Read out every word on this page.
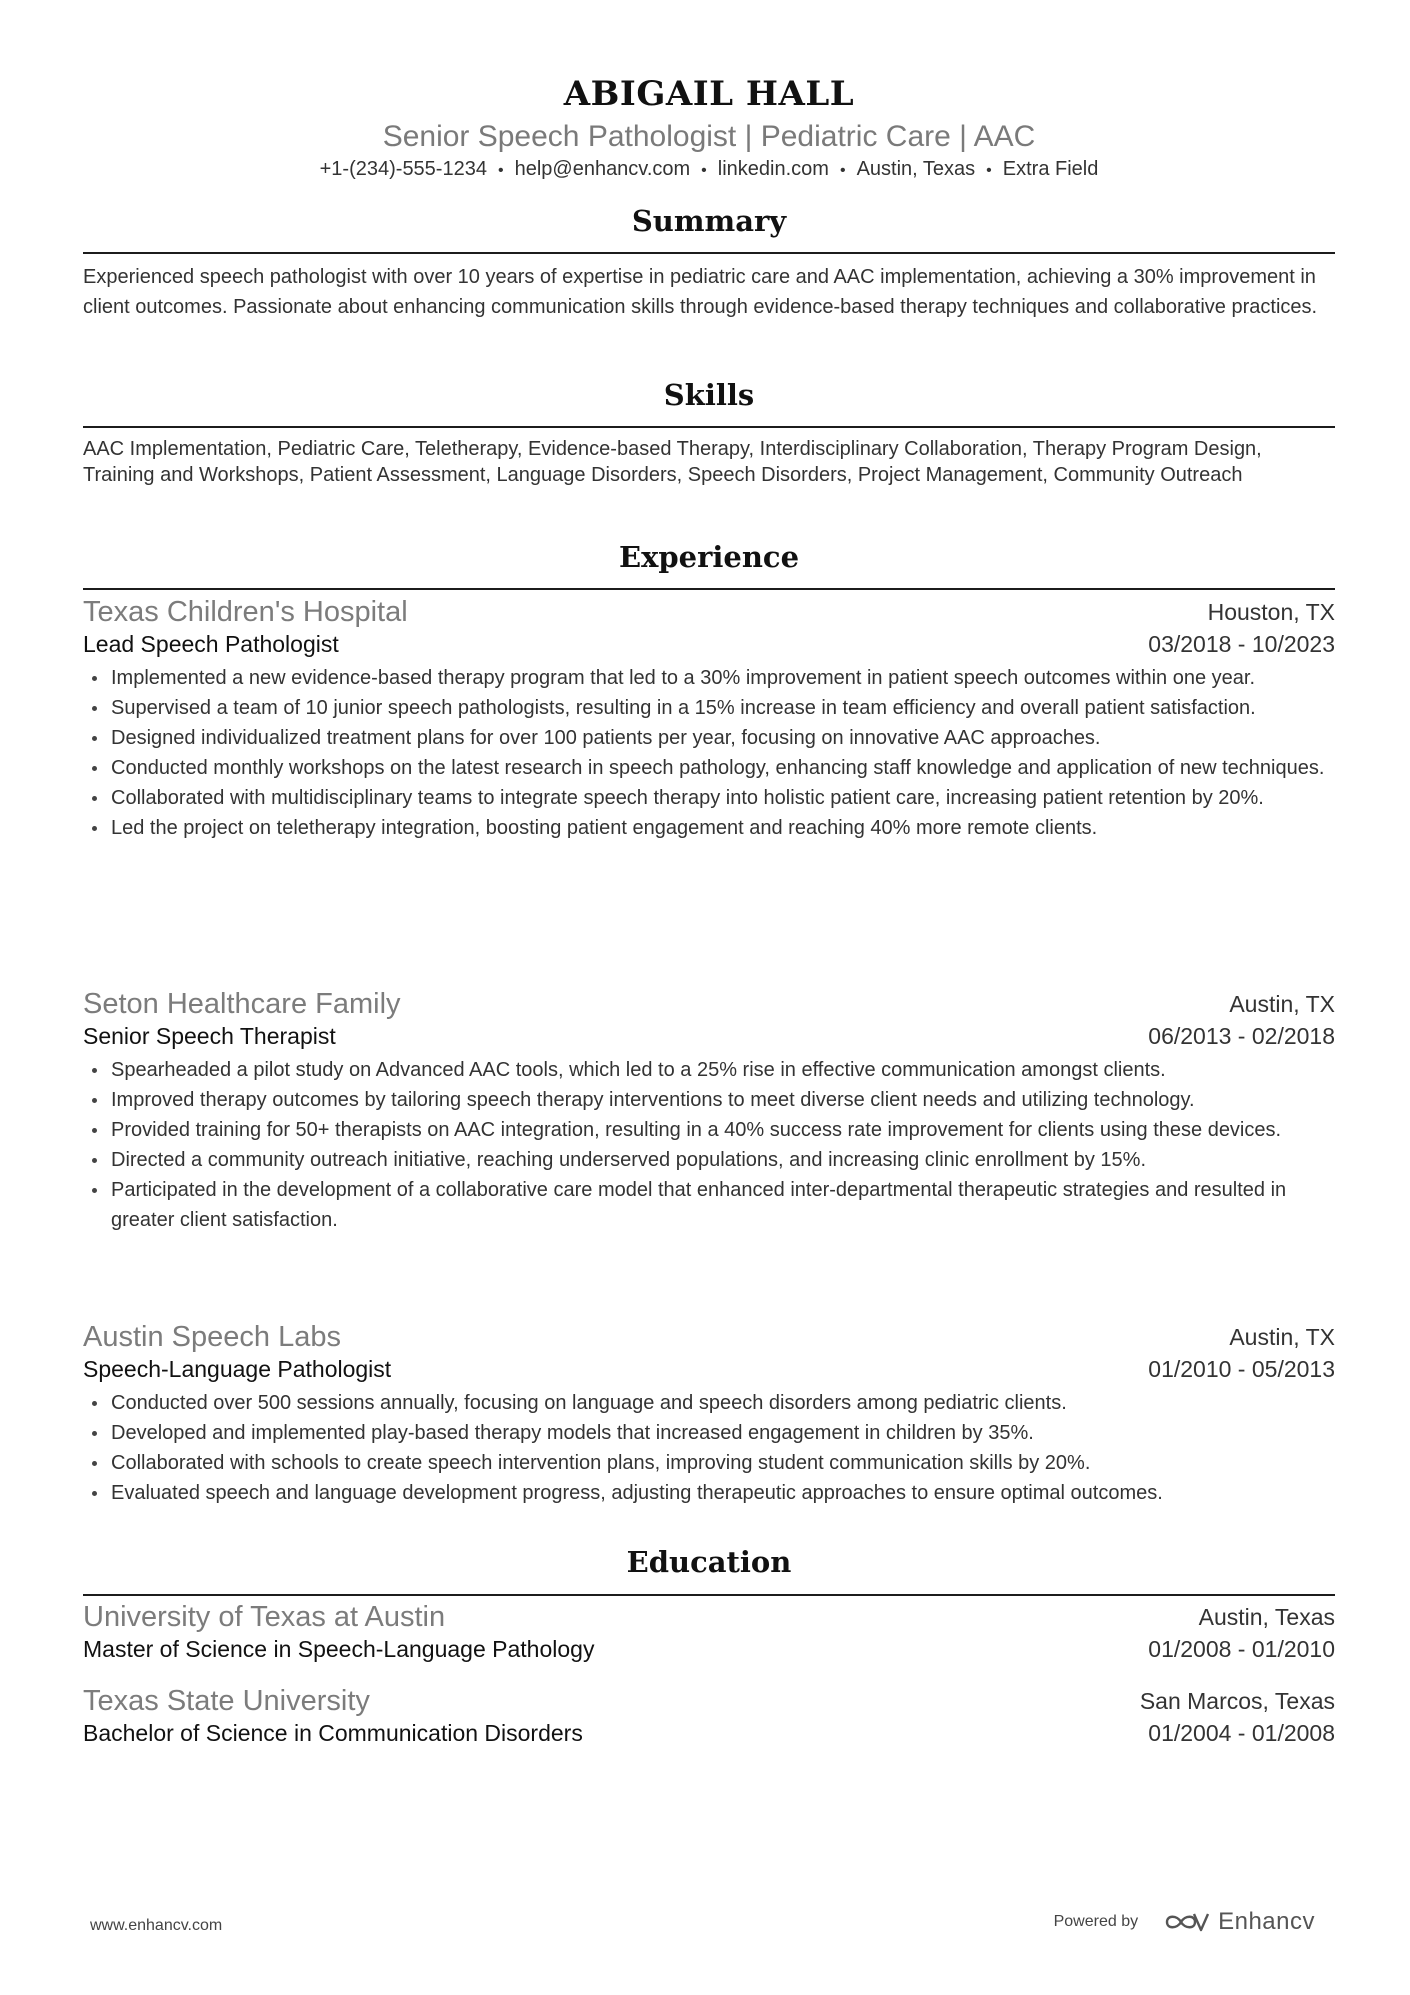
ABIGAIL HALL
Senior Speech Pathologist | Pediatric Care | AAC
+1-(234)-555-1234 • help@enhancv.com • linkedin.com • Austin, Texas • Extra Field
Summary
Experienced speech pathologist with over 10 years of expertise in pediatric care and AAC implementation, achieving a 30% improvement in client outcomes. Passionate about enhancing communication skills through evidence-based therapy techniques and collaborative practices.
Skills
AAC Implementation, Pediatric Care, Teletherapy, Evidence-based Therapy, Interdisciplinary Collaboration, Therapy Program Design, Training and Workshops, Patient Assessment, Language Disorders, Speech Disorders, Project Management, Community Outreach
Experience
Texas Children's Hospital	Houston, TX
Lead Speech Pathologist	03/2018 - 10/2023
Implemented a new evidence-based therapy program that led to a 30% improvement in patient speech outcomes within one year.
Supervised a team of 10 junior speech pathologists, resulting in a 15% increase in team efficiency and overall patient satisfaction.
Designed individualized treatment plans for over 100 patients per year, focusing on innovative AAC approaches.
Conducted monthly workshops on the latest research in speech pathology, enhancing staff knowledge and application of new techniques.
Collaborated with multidisciplinary teams to integrate speech therapy into holistic patient care, increasing patient retention by 20%.
Led the project on teletherapy integration, boosting patient engagement and reaching 40% more remote clients.
Seton Healthcare Family	Austin, TX
Senior Speech Therapist	06/2013 - 02/2018
Spearheaded a pilot study on Advanced AAC tools, which led to a 25% rise in effective communication amongst clients.
Improved therapy outcomes by tailoring speech therapy interventions to meet diverse client needs and utilizing technology.
Provided training for 50+ therapists on AAC integration, resulting in a 40% success rate improvement for clients using these devices.
Directed a community outreach initiative, reaching underserved populations, and increasing clinic enrollment by 15%.
Participated in the development of a collaborative care model that enhanced inter-departmental therapeutic strategies and resulted in greater client satisfaction.
Austin Speech Labs	Austin, TX
Speech-Language Pathologist	01/2010 - 05/2013
Conducted over 500 sessions annually, focusing on language and speech disorders among pediatric clients.
Developed and implemented play-based therapy models that increased engagement in children by 35%.
Collaborated with schools to create speech intervention plans, improving student communication skills by 20%.
Evaluated speech and language development progress, adjusting therapeutic approaches to ensure optimal outcomes.
Education
University of Texas at Austin	Austin, Texas
Master of Science in Speech-Language Pathology	01/2008 - 01/2010
Texas State University	San Marcos, Texas
Bachelor of Science in Communication Disorders	01/2004 - 01/2008
www.enhancv.com	Powered by	Enhancv
